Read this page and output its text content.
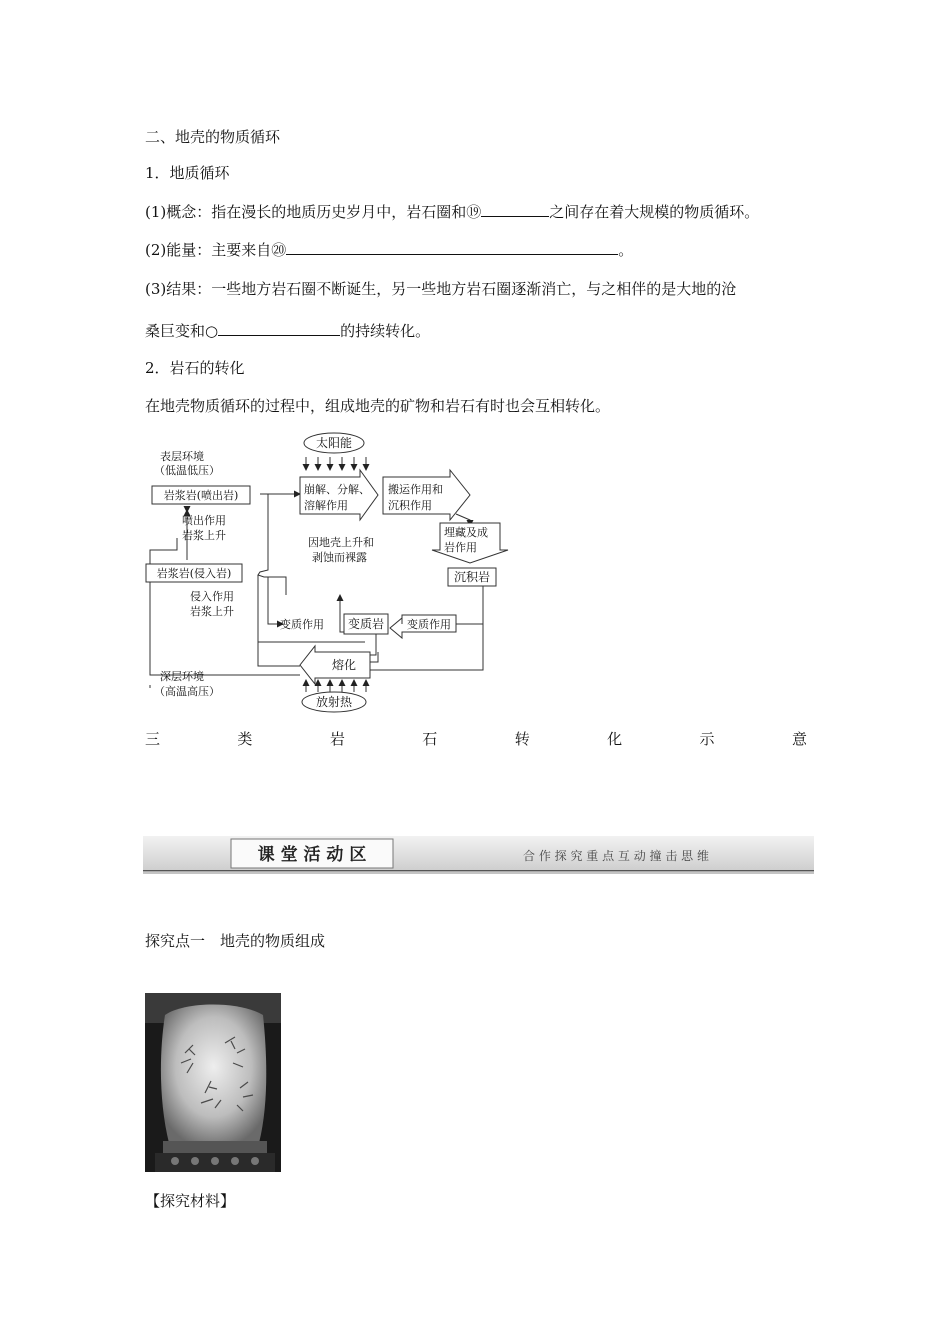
二、地壳的物质循环
1．地质循环
(1)概念：指在漫长的地质历史岁月中，岩石圈和⑲	之间存在着大规模的物质循环。
(2)能量：主要来自⑳	。
(3)结果：一些地方岩石圈不断诞生，另一些地方岩石圈逐渐消亡，与之相伴的是大地的沧
桑巨变和○	的持续转化。
2．岩石的转化
在地壳物质循环的过程中，组成地壳的矿物和岩石有时也会互相转化。
太阳能
崩解、分解、
溶解作用
搬运作用和
沉积作用
埋藏及成
岩作用
沉积岩
变质作用
变质岩
变质作用
熔化
放射热
因地壳上升和
剥蚀而裸露
表层环境
（低温低压）
岩浆岩(喷出岩)
喷出作用
岩浆上升
岩浆岩(侵入岩)
侵入作用
岩浆上升
深层环境
（高温高压）
三	类	岩	石	转	化	示	意
课 堂 活 动 区	合 作 探 究 重 点 互 动 撞 击 思 维
探究点一　地壳的物质组成
【探究材料】
